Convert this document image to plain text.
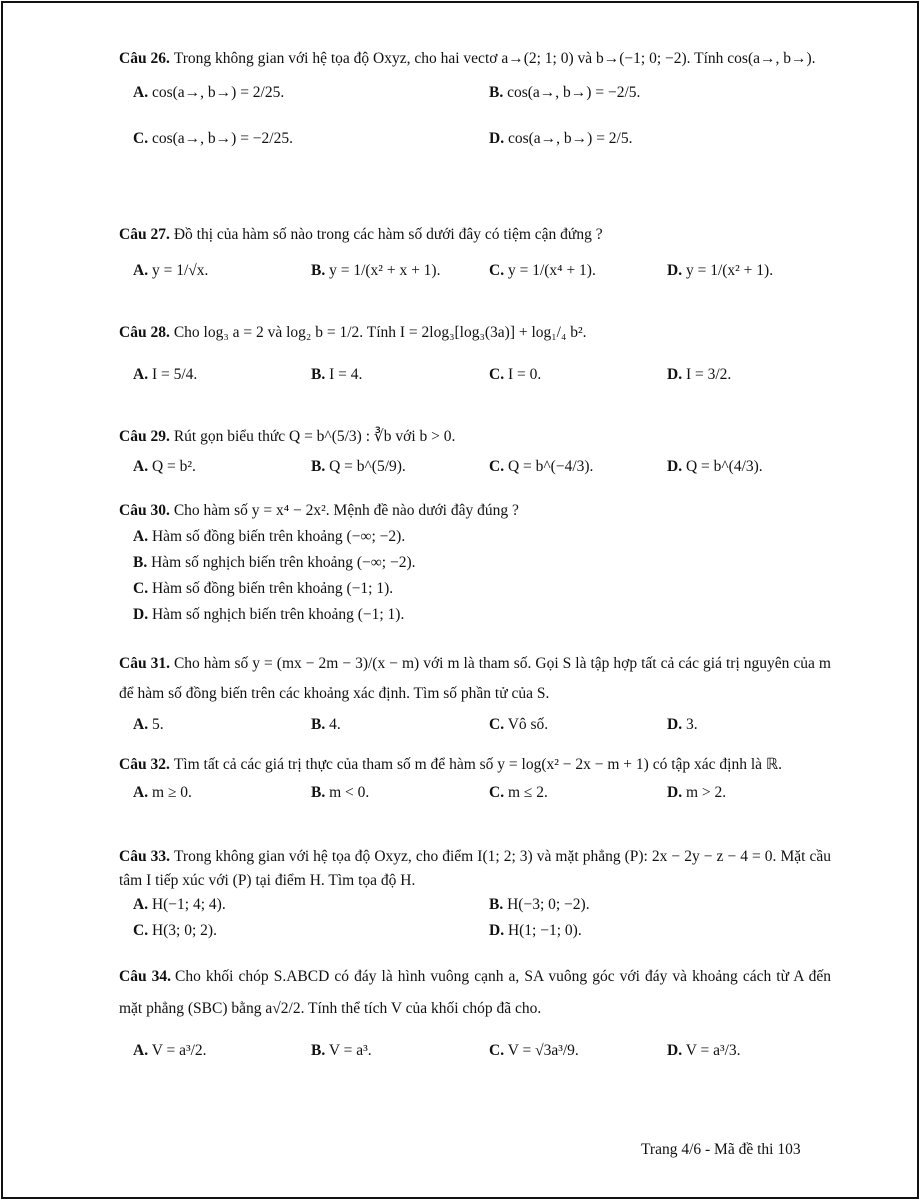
Câu 26. Trong không gian với hệ tọa độ Oxyz, cho hai vectơ a→(2; 1; 0) và b→(−1; 0; −2). Tính cos(a→, b→).
A. cos(a→, b→) = 2/25.	B. cos(a→, b→) = −2/5.
C. cos(a→, b→) = −2/25.	D. cos(a→, b→) = 2/5.
Câu 27. Đồ thị của hàm số nào trong các hàm số dưới đây có tiệm cận đứng ?
A. y = 1/√x.	B. y = 1/(x² + x + 1).	C. y = 1/(x⁴ + 1).	D. y = 1/(x² + 1).
Câu 28. Cho log₃ a = 2 và log₂ b = 1/2. Tính I = 2log₃[log₃(3a)] + log₁/₄ b².
A. I = 5/4.	B. I = 4.	C. I = 0.	D. I = 3/2.
Câu 29. Rút gọn biểu thức Q = b^(5/3) : ∛b với b > 0.
A. Q = b².	B. Q = b^(5/9).	C. Q = b^(−4/3).	D. Q = b^(4/3).
Câu 30. Cho hàm số y = x⁴ − 2x². Mệnh đề nào dưới đây đúng ?
A. Hàm số đồng biến trên khoảng (−∞; −2).
B. Hàm số nghịch biến trên khoảng (−∞; −2).
C. Hàm số đồng biến trên khoảng (−1; 1).
D. Hàm số nghịch biến trên khoảng (−1; 1).
Câu 31. Cho hàm số y = (mx − 2m − 3)/(x − m) với m là tham số. Gọi S là tập hợp tất cả các giá trị nguyên của m để hàm số đồng biến trên các khoảng xác định. Tìm số phần tử của S.
A. 5.	B. 4.	C. Vô số.	D. 3.
Câu 32. Tìm tất cả các giá trị thực của tham số m để hàm số y = log(x² − 2x − m + 1) có tập xác định là ℝ.
A. m ≥ 0.	B. m < 0.	C. m ≤ 2.	D. m > 2.
Câu 33. Trong không gian với hệ tọa độ Oxyz, cho điểm I(1; 2; 3) và mặt phẳng (P): 2x − 2y − z − 4 = 0. Mặt cầu tâm I tiếp xúc với (P) tại điểm H. Tìm tọa độ H.
A. H(−1; 4; 4).	B. H(−3; 0; −2).
C. H(3; 0; 2).	D. H(1; −1; 0).
Câu 34. Cho khối chóp S.ABCD có đáy là hình vuông cạnh a, SA vuông góc với đáy và khoảng cách từ A đến mặt phẳng (SBC) bằng a√2/2. Tính thể tích V của khối chóp đã cho.
A. V = a³/2.	B. V = a³.	C. V = √3a³/9.	D. V = a³/3.
Trang 4/6 - Mã đề thi 103
